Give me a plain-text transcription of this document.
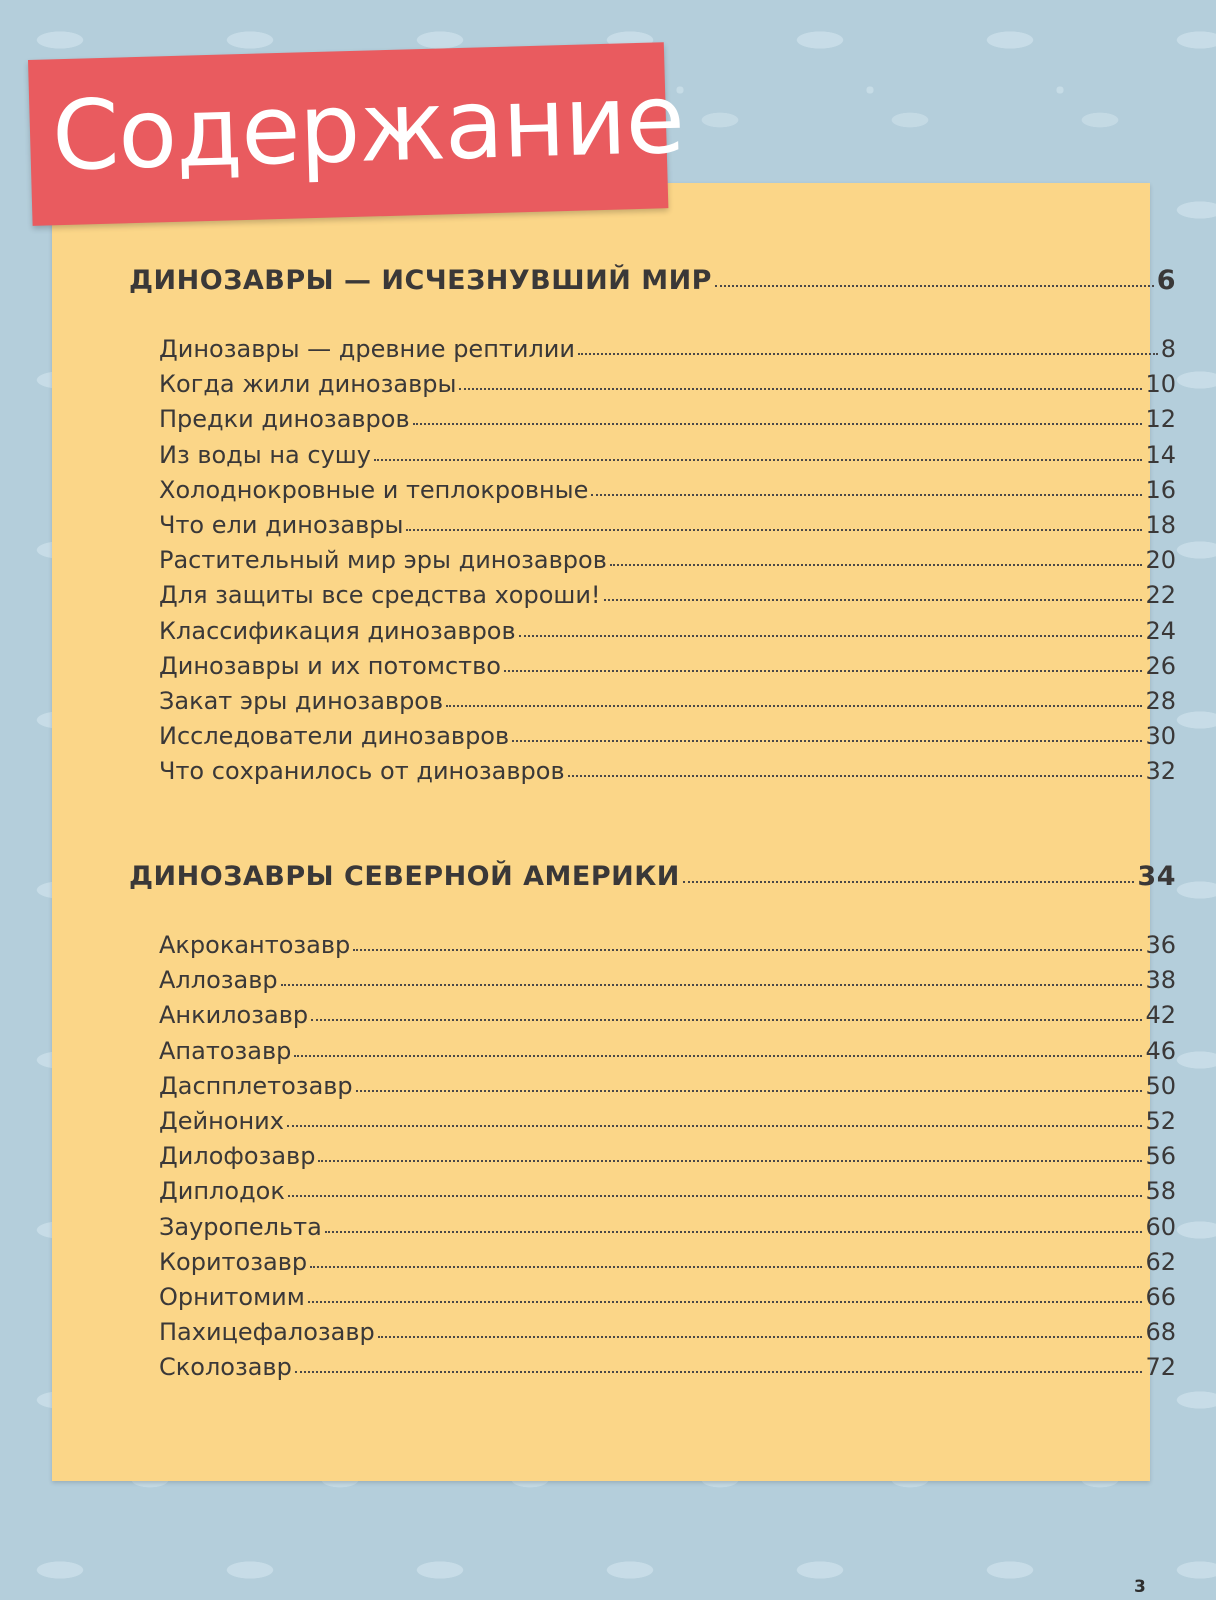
ДИНОЗАВРЫ — ИСЧЕЗНУВШИЙ МИР	6
Динозавры — древние рептилии	8
Когда жили динозавры	10
Предки динозавров	12
Из воды на сушу	14
Холоднокровные и теплокровные	16
Что ели динозавры	18
Растительный мир эры динозавров	20
Для защиты все средства хороши!	22
Классификация динозавров	24
Динозавры и их потомство	26
Закат эры динозавров	28
Исследователи динозавров	30
Что сохранилось от динозавров	32
ДИНОЗАВРЫ СЕВЕРНОЙ АМЕРИКИ	34
Акрокантозавр	36
Аллозавр	38
Анкилозавр	42
Апатозавр	46
Даспплетозавр	50
Дейноних	52
Дилофозавр	56
Диплодок	58
Зауропельта	60
Коритозавр	62
Орнитомим	66
Пахицефалозавр	68
Сколозавр	72
Содержание
3
